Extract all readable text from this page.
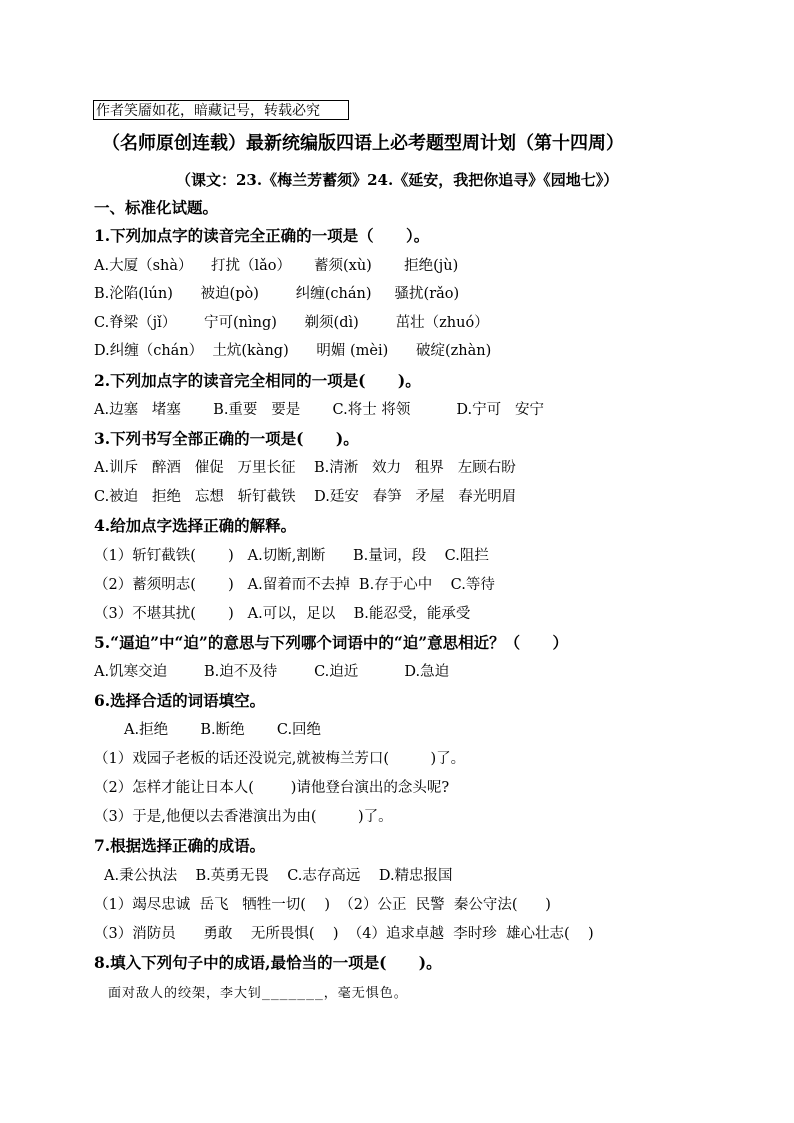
作者笑靥如花，暗藏记号，转载必究
（名师原创连载）最新统编版四语上必考题型周计划（第十四周）
（课文：23.《梅兰芳蓄须》24.《延安，我把你追寻》《园地七》）
一、标准化试题。
1.下列加点字的读音完全正确的一项是（      ）。
A.大厦（shà）    打扰（lǎo）     蓄须(xù)       拒绝(jù)
B.沦陷(lún)      被迫(pò)        纠缠(chán)     骚扰(rǎo)
C.脊梁（jǐ）      宁可(nìng)      剃须(dì)        茁壮（zhuó）
D.纠缠（chán）  土炕(kàng)      明媚 (mèi)      破绽(zhàn)
2.下列加点字的读音完全相同的一项是(      )。
A.边塞   堵塞       B.重要   要是       C.将士 将领          D.宁可   安宁
3.下列书写全部正确的一项是(      )。
A.训斥   醉酒   催促   万里长征    B.清淅   效力   租界   左顾右盼
C.被迫   拒绝   忘想   斩钉截铁    D.廷安   春笋   矛屋   春光明眉
4.给加点字选择正确的解释。
（1）斩钉截铁(       )   A.切断,割断      B.量词，段    C.阻拦
（2）蓄须明志(       )   A.留着而不去掉  B.存于心中    C.等待
（3）不堪其扰(       )   A.可以，足以    B.能忍受，能承受
5.“逼迫”中“迫”的意思与下列哪个词语中的“迫”意思相近？（      ）
A.饥寒交迫        B.迫不及待        C.迫近          D.急迫
6.选择合适的词语填空。
A.拒绝       B.断绝       C.回绝
（1）戏园子老板的话还没说完,就被梅兰芳口(         )了。
（2）怎样才能让日本人(        )请他登台演出的念头呢?
（3）于是,他便以去香港演出为由(         )了。
7.根据选择正确的成语。
A.秉公执法    B.英勇无畏    C.志存高远    D.精忠报国
（1）竭尽忠诚  岳飞   牺牲一切(    )  （2）公正  民警  秦公守法(      )
（3）消防员      勇敢    无所畏惧(    )  （4）追求卓越  李时珍  雄心壮志(    )
8.填入下列句子中的成语,最恰当的一项是(      )。
面对敌人的绞架，李大钊_______，毫无惧色。
